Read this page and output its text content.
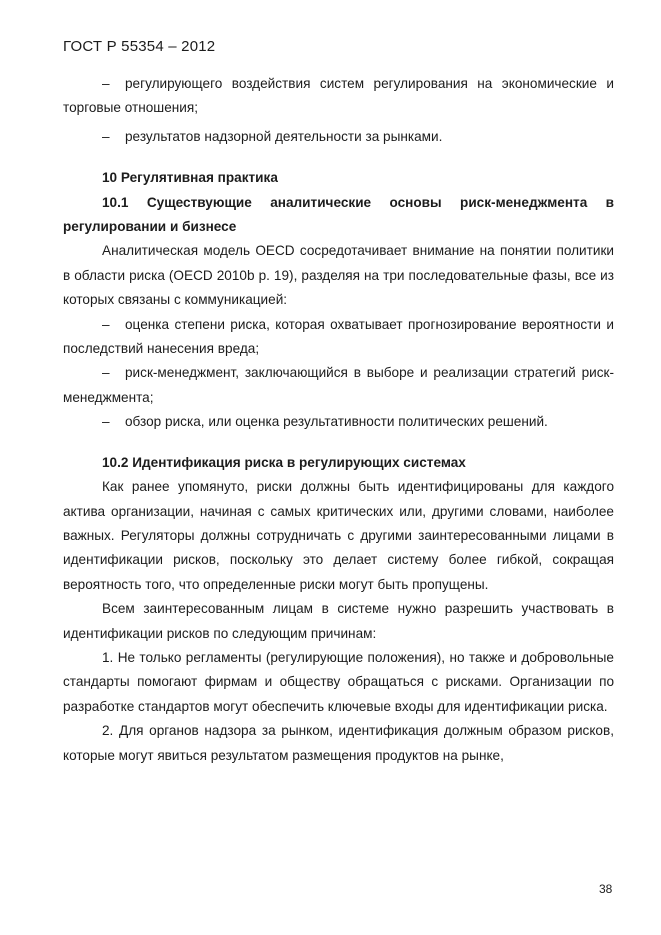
ГОСТ Р 55354 – 2012

– регулирующего воздействия систем регулирования на экономические и торговые отношения;

– результатов надзорной деятельности за рынками.

10 Регулятивная практика

10.1 Существующие аналитические основы риск-менеджмента в регулировании и бизнесе

Аналитическая модель OECD сосредотачивает внимание на понятии политики в области риска (OECD 2010b p. 19), разделяя на три последовательные фазы, все из которых связаны с коммуникацией:

– оценка степени риска, которая охватывает прогнозирование вероятности и последствий нанесения вреда;

– риск-менеджмент, заключающийся в выборе и реализации стратегий риск-менеджмента;

– обзор риска, или оценка результативности политических решений.

10.2 Идентификация риска в регулирующих системах

Как ранее упомянуто, риски должны быть идентифицированы для каждого актива организации, начиная с самых критических или, другими словами, наиболее важных. Регуляторы должны сотрудничать с другими заинтересованными лицами в идентификации рисков, поскольку это делает систему более гибкой, сокращая вероятность того, что определенные риски могут быть пропущены.

Всем заинтересованным лицам в системе нужно разрешить участвовать в идентификации рисков по следующим причинам:

1. Не только регламенты (регулирующие положения), но также и добровольные стандарты помогают фирмам и обществу обращаться с рисками. Организации по разработке стандартов могут обеспечить ключевые входы для идентификации риска.

2. Для органов надзора за рынком, идентификация должным образом рисков, которые могут явиться результатом размещения продуктов на рынке,

38
